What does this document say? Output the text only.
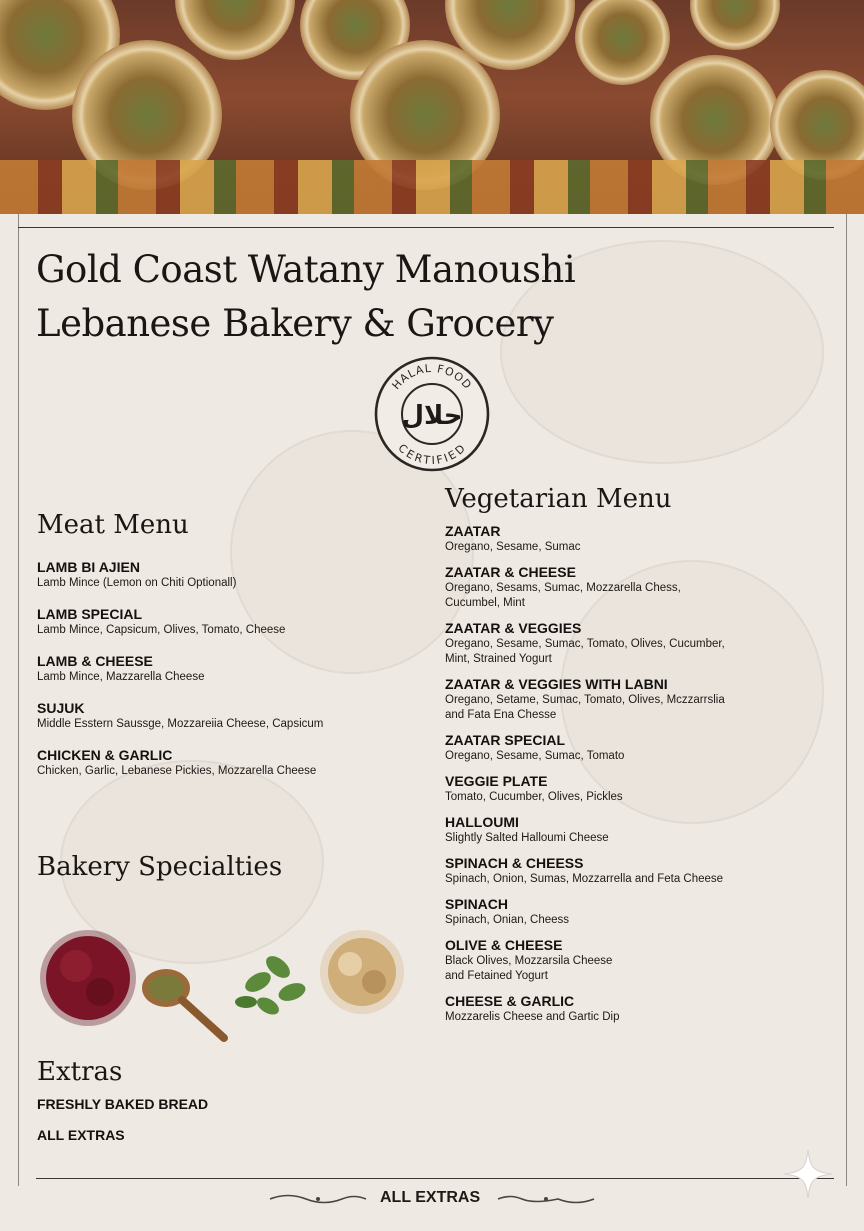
Gold Coast Watany Manoushi
Lebanese Bakery & Grocery
HALAL FOOD
CERTIFIED
حلال
Meat Menu
LAMB BI AJIEN
Lamb Mince (Lemon on Chiti Optionall)
LAMB SPECIAL
Lamb Mince, Capsicum, Olives, Tomato, Cheese
LAMB & CHEESE
Lamb Mince, Mazzarella Cheese
SUJUK
Middle Esstern Saussge, Mozzareiia Cheese, Capsicum
CHICKEN & GARLIC
Chicken, Garlic, Lebanese Pickies, Mozzarella Cheese
Vegetarian Menu
ZAATAR
Oregano, Sesame, Sumac
ZAATAR & CHEESE
Oregano, Sesams, Sumac, Mozzarella Chess,
Cucumbel, Mint
ZAATAR & VEGGIES
Oregano, Sesame, Sumac, Tomato, Olives, Cucumber,
Mint, Strained Yogurt
ZAATAR & VEGGIES WITH LABNI
Oregano, Setame, Sumac, Tomato, Olives, Mczzarrslia
and Fata Ena Chesse
ZAATAR SPECIAL
Oregano, Sesame, Sumac, Tomato
VEGGIE PLATE
Tomato, Cucumber, Olives, Pickles
HALLOUMI
Slightly Salted Halloumi Cheese
SPINACH & CHEESS
Spinach, Onion, Sumas, Mozzarrella and Feta Cheese
SPINACH
Spinach, Onian, Cheess
OLIVE & CHEESE
Black Olives, Mozzarsila Cheese
and Fetained Yogurt
CHEESE & GARLIC
Mozzarelis Cheese and Gartic Dip
Bakery Specialties
Extras
FRESHLY BAKED BREAD
ALL EXTRAS
ALL EXTRAS
